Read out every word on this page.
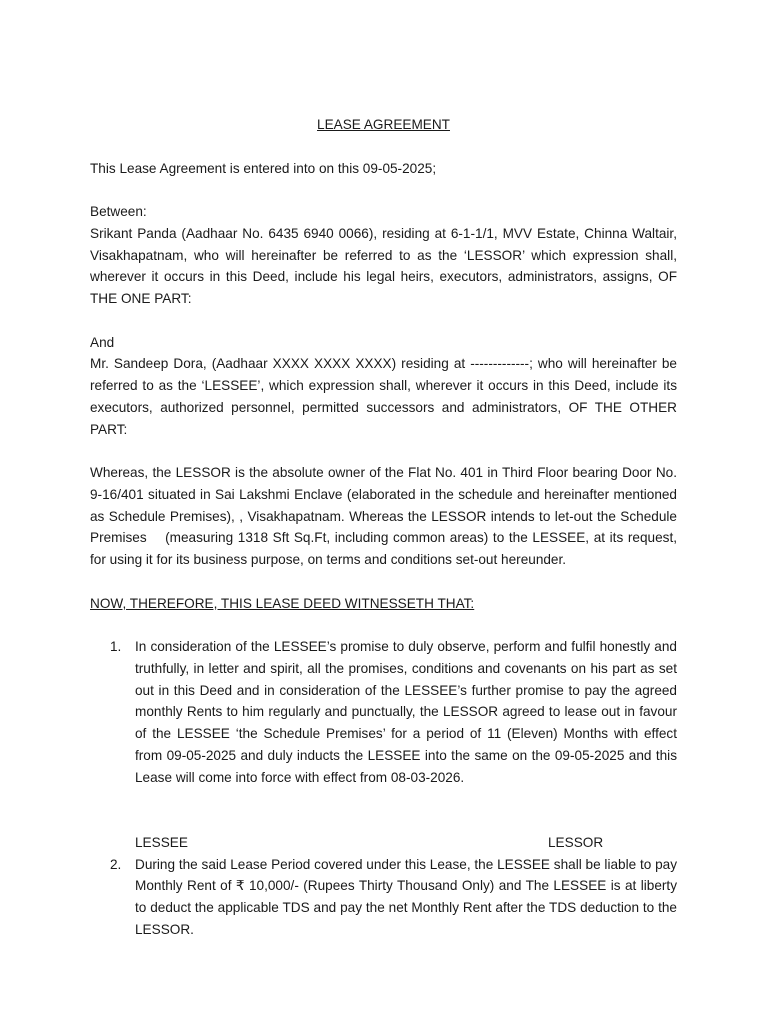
LEASE AGREEMENT

This Lease Agreement is entered into on this 09-05-2025;

Between:

Srikant Panda (Aadhaar No. 6435 6940 0066), residing at 6-1-1/1, MVV Estate, Chinna Waltair, Visakhapatnam, who will hereinafter be referred to as the ‘LESSOR’ which expression shall, wherever it occurs in this Deed, include his legal heirs, executors, administrators, assigns, OF THE ONE PART:

And

Mr. Sandeep Dora, (Aadhaar XXXX XXXX XXXX) residing at -------------; who will hereinafter be referred to as the ‘LESSEE’, which expression shall, wherever it occurs in this Deed, include its executors, authorized personnel, permitted successors and administrators, OF THE OTHER PART:

Whereas, the LESSOR is the absolute owner of the Flat No. 401 in Third Floor bearing Door No. 9-16/401 situated in Sai Lakshmi Enclave (elaborated in the schedule and hereinafter mentioned as Schedule Premises), , Visakhapatnam. Whereas the LESSOR intends to let-out the Schedule Premises    (measuring 1318 Sft Sq.Ft, including common areas) to the LESSEE, at its request, for using it for its business purpose, on terms and conditions set-out hereunder.

NOW, THEREFORE, THIS LEASE DEED WITNESSETH THAT:

1. In consideration of the LESSEE’s promise to duly observe, perform and fulfil honestly and truthfully, in letter and spirit, all the promises, conditions and covenants on his part as set out in this Deed and in consideration of the LESSEE’s further promise to pay the agreed monthly Rents to him regularly and punctually, the LESSOR agreed to lease out in favour of the LESSEE ‘the Schedule Premises’ for a period of 11 (Eleven) Months with effect from 09-05-2025 and duly inducts the LESSEE into the same on the 09-05-2025 and this Lease will come into force with effect from 08-03-2026.
LESSEE	LESSOR
2. During the said Lease Period covered under this Lease, the LESSEE shall be liable to pay Monthly Rent of ₹ 10,000/- (Rupees Thirty Thousand Only) and The LESSEE is at liberty to deduct the applicable TDS and pay the net Monthly Rent after the TDS deduction to the LESSOR.
